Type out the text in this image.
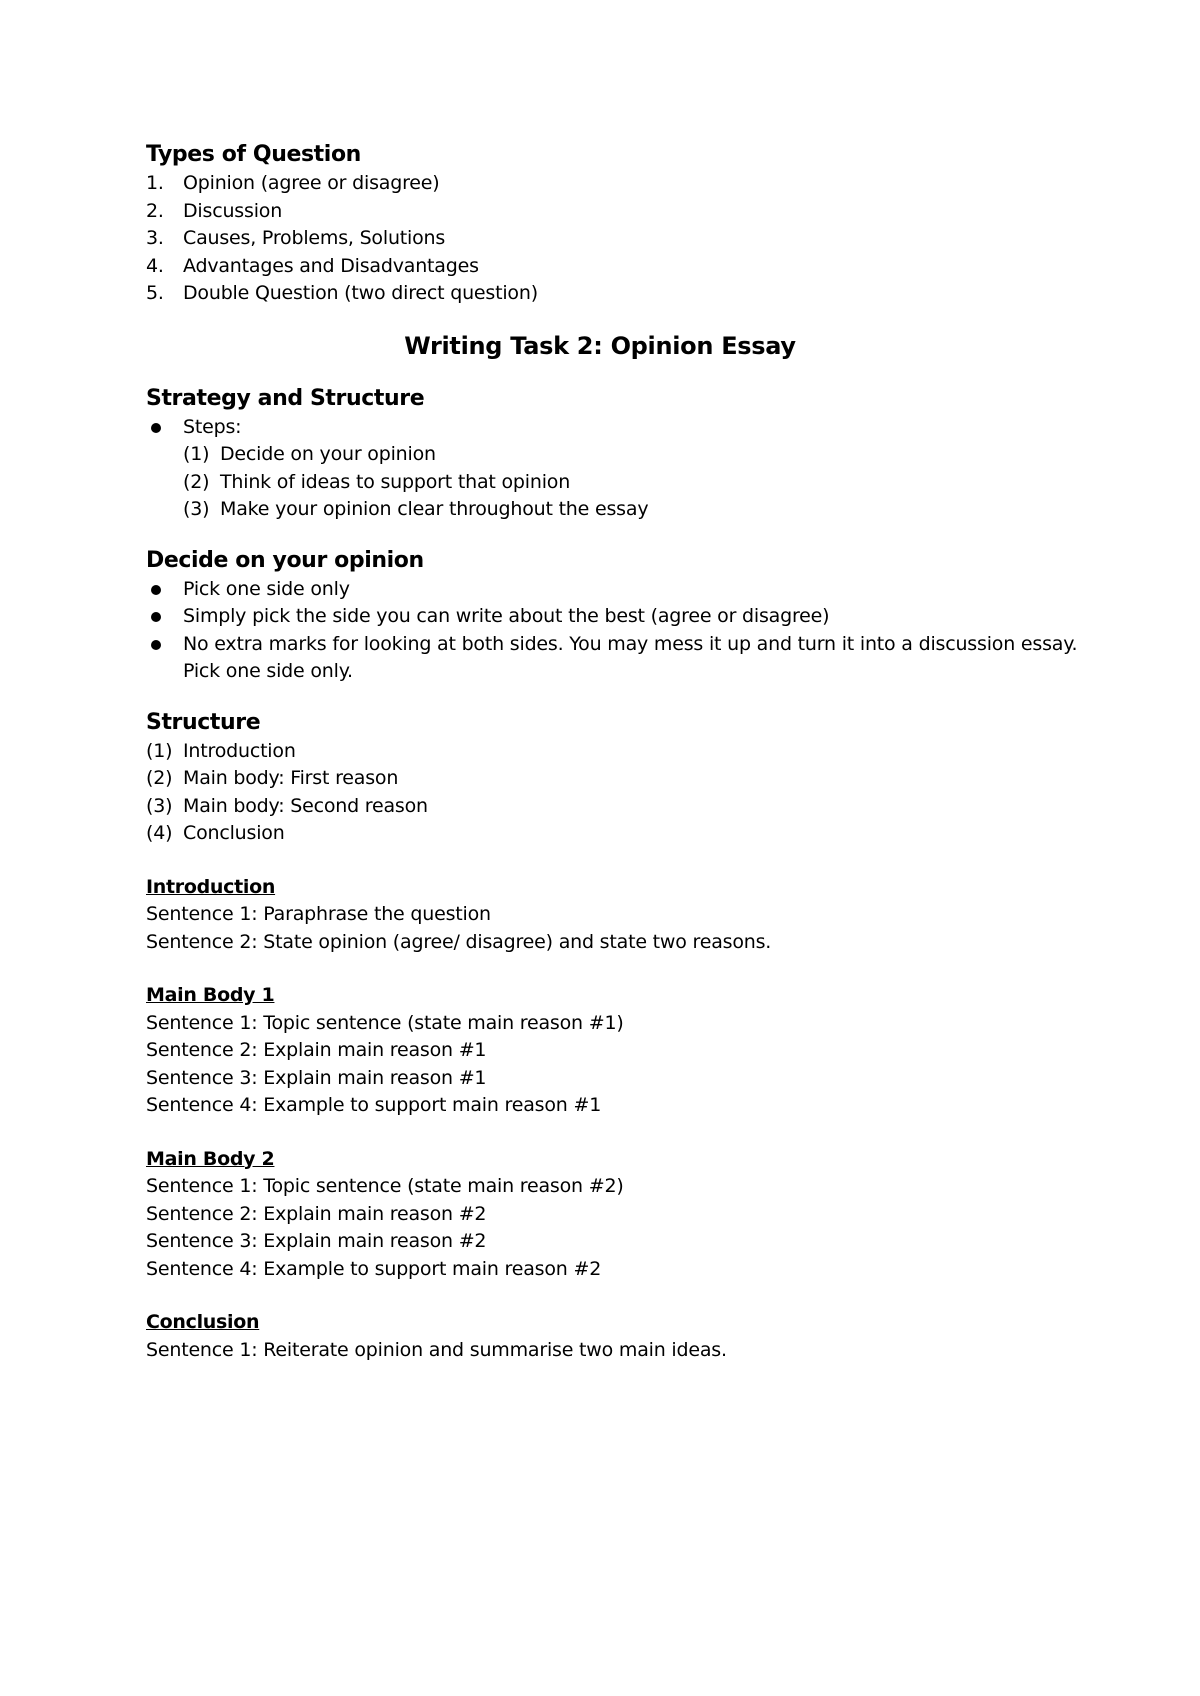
Types of Question
1.	Opinion (agree or disagree)
2.	Discussion
3.	Causes, Problems, Solutions
4.	Advantages and Disadvantages
5.	Double Question (two direct question)
Writing Task 2: Opinion Essay
Strategy and Structure
Steps:
(1) Decide on your opinion
(2) Think of ideas to support that opinion
(3) Make your opinion clear throughout the essay
Decide on your opinion
Pick one side only
Simply pick the side you can write about the best (agree or disagree)
No extra marks for looking at both sides. You may mess it up and turn it into a discussion essay.
Pick one side only.
Structure
(1) Introduction
(2) Main body: First reason
(3) Main body: Second reason
(4) Conclusion
Introduction
Sentence 1: Paraphrase the question
Sentence 2: State opinion (agree/ disagree) and state two reasons.
Main Body 1
Sentence 1: Topic sentence (state main reason #1)
Sentence 2: Explain main reason #1
Sentence 3: Explain main reason #1
Sentence 4: Example to support main reason #1
Main Body 2
Sentence 1: Topic sentence (state main reason #2)
Sentence 2: Explain main reason #2
Sentence 3: Explain main reason #2
Sentence 4: Example to support main reason #2
Conclusion
Sentence 1: Reiterate opinion and summarise two main ideas.
